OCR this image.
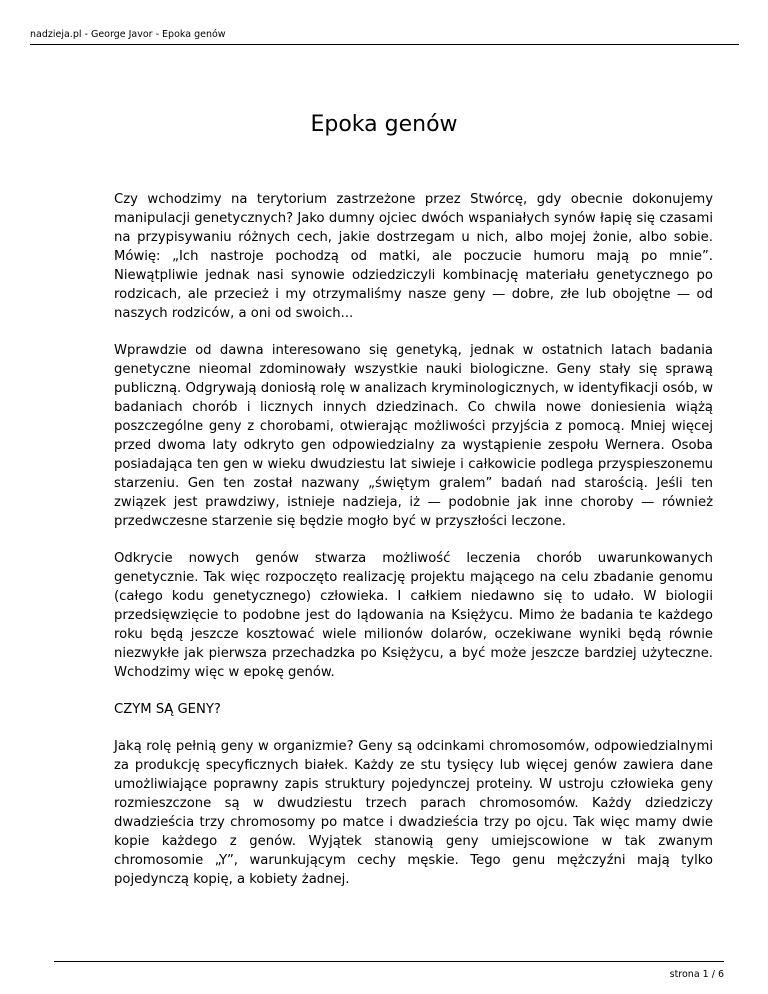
nadzieja.pl - George Javor - Epoka genów
Epoka genów

Czy wchodzimy na terytorium zastrzeżone przez Stwórcę, gdy obecnie dokonujemy manipulacji genetycznych? Jako dumny ojciec dwóch wspaniałych synów łapię się czasami na przypisywaniu różnych cech, jakie dostrzegam u nich, albo mojej żonie, albo sobie. Mówię: „Ich nastroje pochodzą od matki, ale poczucie humoru mają po mnie”. Niewątpliwie jednak nasi synowie odziedziczyli kombinację materiału genetycznego po rodzicach, ale przecież i my otrzymaliśmy nasze geny — dobre, złe lub obojętne — od naszych rodziców, a oni od swoich...

Wprawdzie od dawna interesowano się genetyką, jednak w ostatnich latach badania genetyczne nieomal zdominowały wszystkie nauki biologiczne. Geny stały się sprawą publiczną. Odgrywają doniosłą rolę w analizach kryminologicznych, w identyfikacji osób, w badaniach chorób i licznych innych dziedzinach. Co chwila nowe doniesienia wiążą poszczególne geny z chorobami, otwierając możliwości przyjścia z pomocą. Mniej więcej przed dwoma laty odkryto gen odpowiedzialny za wystąpienie zespołu Wernera. Osoba posiadająca ten gen w wieku dwudziestu lat siwieje i całkowicie podlega przyspieszonemu starzeniu. Gen ten został nazwany „świętym gralem” badań nad starością. Jeśli ten związek jest prawdziwy, istnieje nadzieja, iż — podobnie jak inne choroby — również przedwczesne starzenie się będzie mogło być w przyszłości leczone.

Odkrycie nowych genów stwarza możliwość leczenia chorób uwarunkowanych genetycznie. Tak więc rozpoczęto realizację projektu mającego na celu zbadanie genomu (całego kodu genetycznego) człowieka. I całkiem niedawno się to udało. W biologii przedsięwzięcie to podobne jest do lądowania na Księżycu. Mimo że badania te każdego roku będą jeszcze kosztować wiele milionów dolarów, oczekiwane wyniki będą równie niezwykłe jak pierwsza przechadzka po Księżycu, a być może jeszcze bardziej użyteczne. Wchodzimy więc w epokę genów.

CZYM SĄ GENY?

Jaką rolę pełnią geny w organizmie? Geny są odcinkami chromosomów, odpowiedzialnymi za produkcję specyficznych białek. Każdy ze stu tysięcy lub więcej genów zawiera dane umożliwiające poprawny zapis struktury pojedynczej proteiny. W ustroju człowieka geny rozmieszczone są w dwudziestu trzech parach chromosomów. Każdy dziedziczy dwadzieścia trzy chromosomy po matce i dwadzieścia trzy po ojcu. Tak więc mamy dwie kopie każdego z genów. Wyjątek stanowią geny umiejscowione w tak zwanym chromosomie „Y”, warunkującym cechy męskie. Tego genu mężczyźni mają tylko pojedynczą kopię, a kobiety żadnej.

strona 1 / 6
